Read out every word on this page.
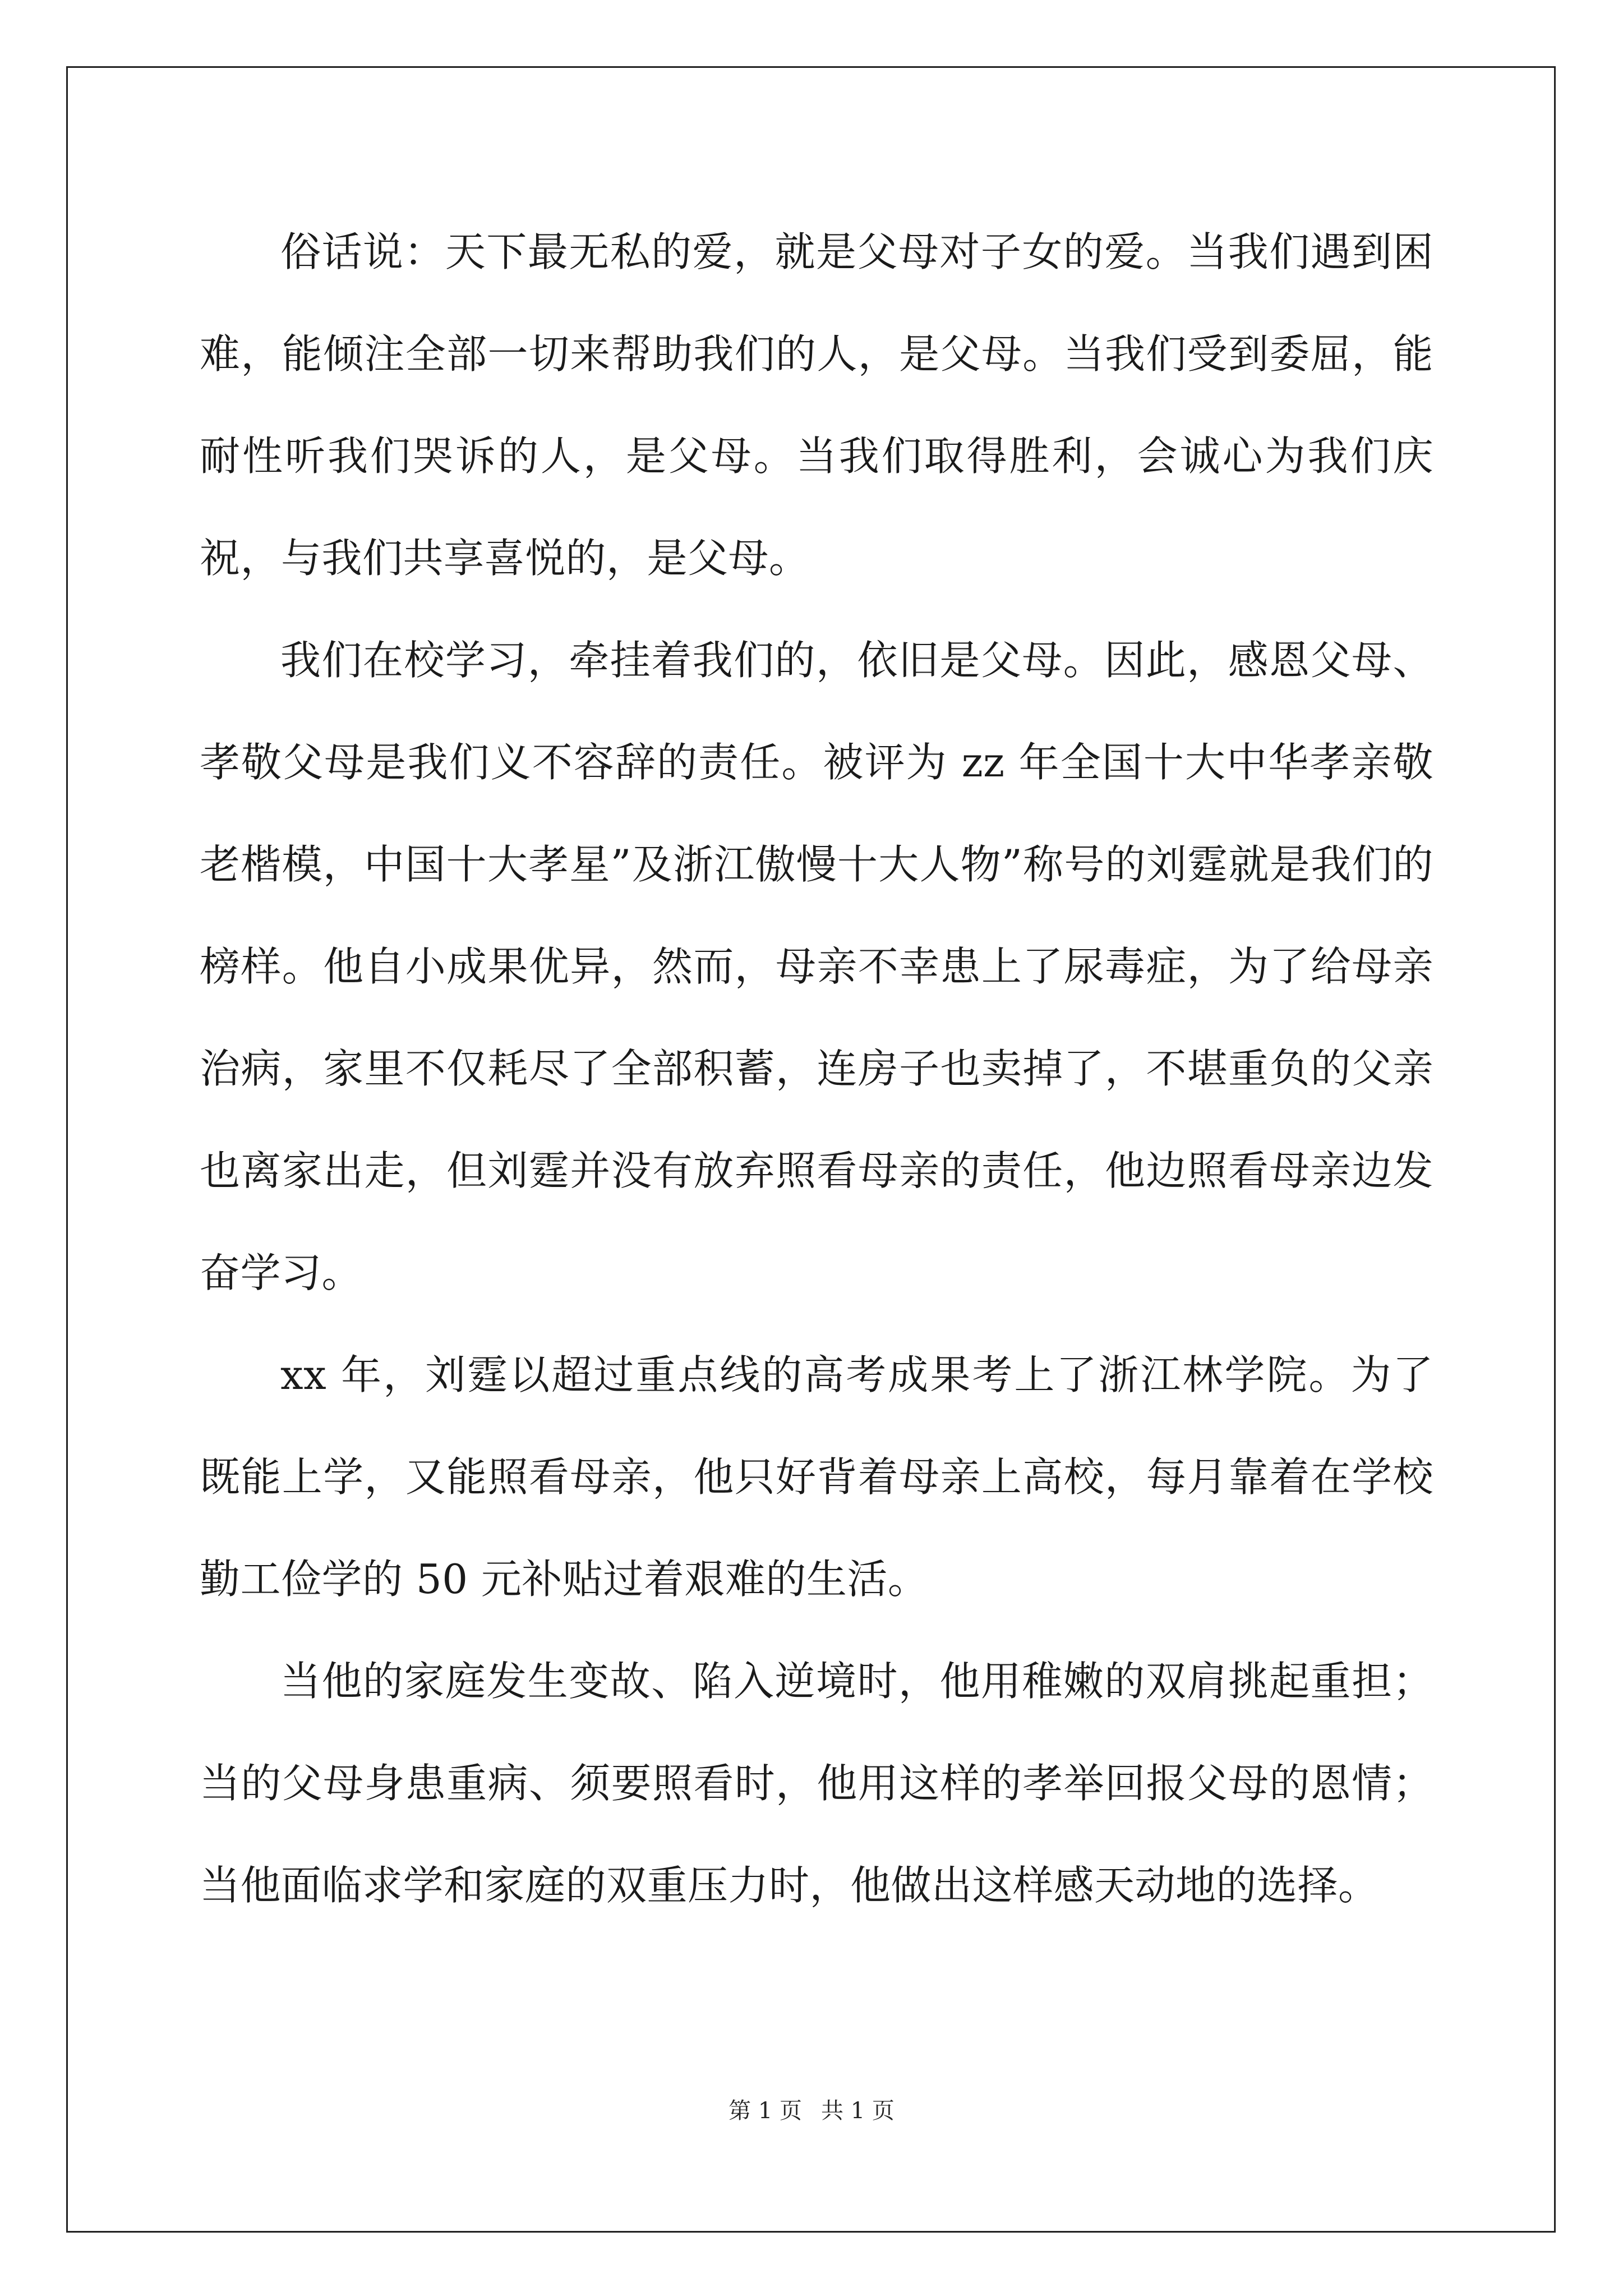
俗话说：天下最无私的爱，就是父母对子女的爱。当我们遇到困难，能倾注全部一切来帮助我们的人，是父母。当我们受到委屈，能耐性听我们哭诉的人，是父母。当我们取得胜利，会诚心为我们庆祝，与我们共享喜悦的，是父母。

我们在校学习，牵挂着我们的，依旧是父母。因此，感恩父母、孝敬父母是我们义不容辞的责任。被评为 zz 年全国十大中华孝亲敬老楷模，中国十大孝星”及浙江傲慢十大人物”称号的刘霆就是我们的榜样。他自小成果优异，然而，母亲不幸患上了尿毒症，为了给母亲治病，家里不仅耗尽了全部积蓄，连房子也卖掉了，不堪重负的父亲也离家出走，但刘霆并没有放弃照看母亲的责任，他边照看母亲边发奋学习。

xx 年，刘霆以超过重点线的高考成果考上了浙江林学院。为了既能上学，又能照看母亲，他只好背着母亲上高校，每月靠着在学校勤工俭学的 50 元补贴过着艰难的生活。

当他的家庭发生变故、陷入逆境时，他用稚嫩的双肩挑起重担；当的父母身患重病、须要照看时，他用这样的孝举回报父母的恩情；当他面临求学和家庭的双重压力时，他做出这样感天动地的选择。

第 1 页 共 1 页
